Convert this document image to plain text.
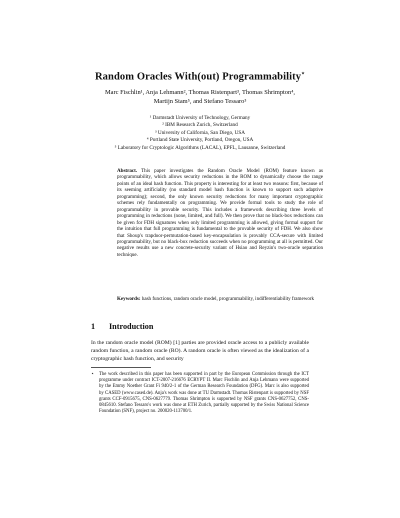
Random Oracles With(out) Programmability⋆
Marc Fischlin¹, Anja Lehmann², Thomas Ristenpart³, Thomas Shrimpton⁴,
Martijn Stam⁵, and Stefano Tessaro³
¹ Darmstadt University of Technology, Germany
² IBM Research Zurich, Switzerland
³ University of California, San Diego, USA
⁴ Portland State University, Portland, Oregon, USA
⁵ Laboratory for Cryptologic Algorithms (LACAL), EPFL, Lausanne, Switzerland
Abstract. This paper investigates the Random Oracle Model (ROM) feature known as programmability, which allows security reductions in the ROM to dynamically choose the range points of an ideal hash function. This property is interesting for at least two reasons: first, because of its seeming artificiality (no standard model hash function is known to support such adaptive programming); second, the only known security reductions for many important cryptographic schemes rely fundamentally on programming. We provide formal tools to study the role of programmability in provable security. This includes a framework describing three levels of programming in reductions (none, limited, and full). We then prove that no black-box reductions can be given for FDH signatures when only limited programming is allowed, giving formal support for the intuition that full programming is fundamental to the provable security of FDH. We also show that Shoup's trapdoor-permutation-based key-encapsulation is provably CCA-secure with limited programmability, but no black-box reduction succeeds when no programming at all is permitted. Our negative results use a new concrete-security variant of Hsiao and Reyzin's two-oracle separation technique.
Keywords: hash functions, random oracle model, programmability, indifferentiability framework
1 Introduction
In the random oracle model (ROM) [1] parties are provided oracle access to a publicly available random function, a random oracle (RO). A random oracle is often viewed as the idealization of a cryptographic hash function, and security
⋆	The work described in this paper has been supported in part by the European Commission through the ICT programme under contract ICT-2007-216676 ECRYPT II. Marc Fischlin and Anja Lehmann were supported by the Emmy Noether Grant Fi 940/2-1 of the German Research Foundation (DFG). Marc is also supported by CASED (www.cased.de). Anja's work was done at TU Darmstadt. Thomas Ristenpart is supported by NSF grants CCF-0915675, CNS-0627779. Thomas Shrimpton is supported by NSF grants CNS-0627752, CNS-0845610. Stefano Tessaro's work was done at ETH Zurich, partially supported by the Swiss National Science Foundation (SNF), project no. 200020-113700/1.
